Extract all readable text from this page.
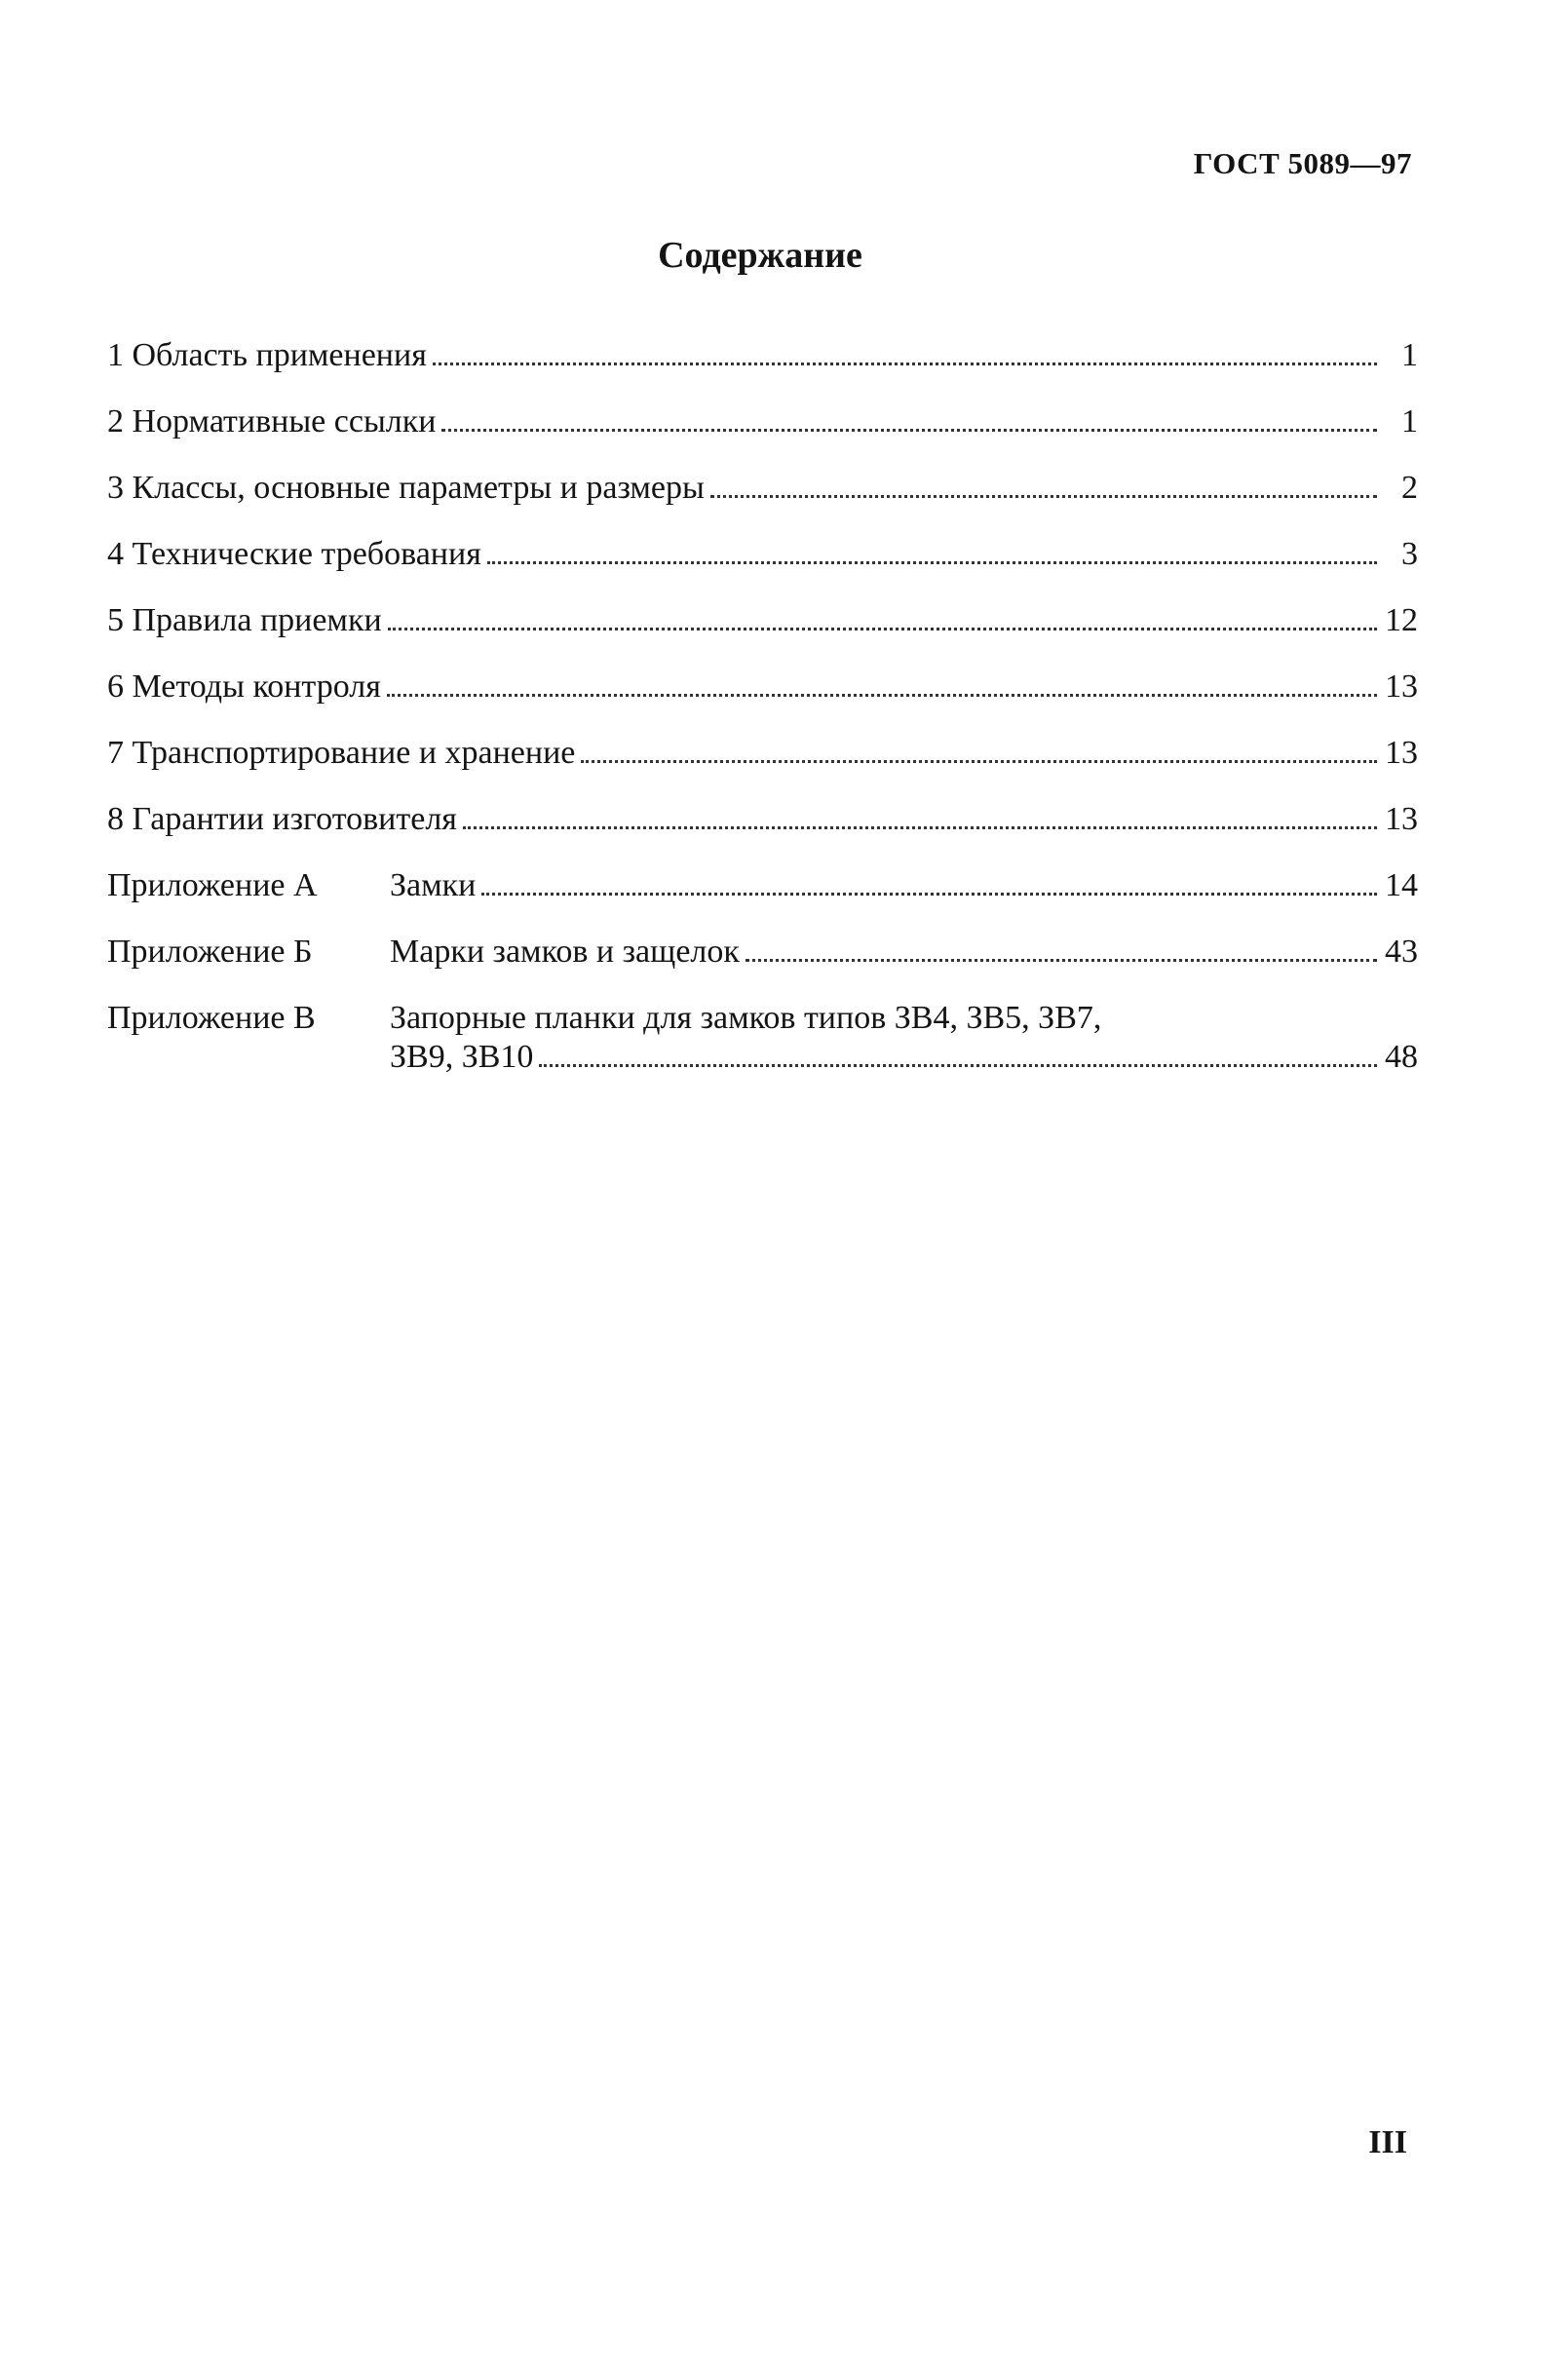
ГОСТ 5089—97
Содержание
1 Область применения	1
2 Нормативные ссылки	1
3 Классы, основные параметры и размеры	2
4 Технические требования	3
5 Правила приемки	12
6 Методы контроля	13
7 Транспортирование и хранение	13
8 Гарантии изготовителя	13
Приложение А	Замки	14
Приложение Б	Марки замков и защелок	43
Приложение В	Запорные планки для замков типов ЗВ4, ЗВ5, ЗВ7,
ЗВ9, ЗВ10	48
III
